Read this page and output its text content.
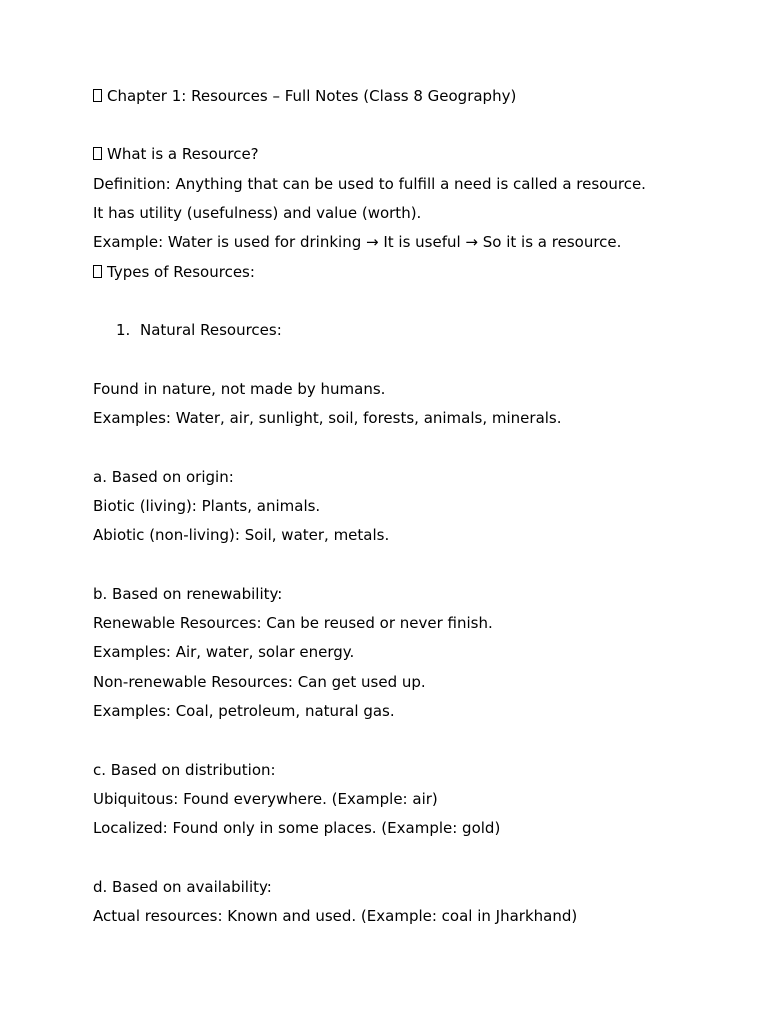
Chapter 1: Resources – Full Notes (Class 8 Geography)
What is a Resource?
Definition: Anything that can be used to fulfill a need is called a resource.
It has utility (usefulness) and value (worth).
Example: Water is used for drinking → It is useful → So it is a resource.
Types of Resources:
1. Natural Resources:
Found in nature, not made by humans.
Examples: Water, air, sunlight, soil, forests, animals, minerals.
a. Based on origin:
Biotic (living): Plants, animals.
Abiotic (non-living): Soil, water, metals.
b. Based on renewability:
Renewable Resources: Can be reused or never finish.
Examples: Air, water, solar energy.
Non-renewable Resources: Can get used up.
Examples: Coal, petroleum, natural gas.
c. Based on distribution:
Ubiquitous: Found everywhere. (Example: air)
Localized: Found only in some places. (Example: gold)
d. Based on availability:
Actual resources: Known and used. (Example: coal in Jharkhand)
